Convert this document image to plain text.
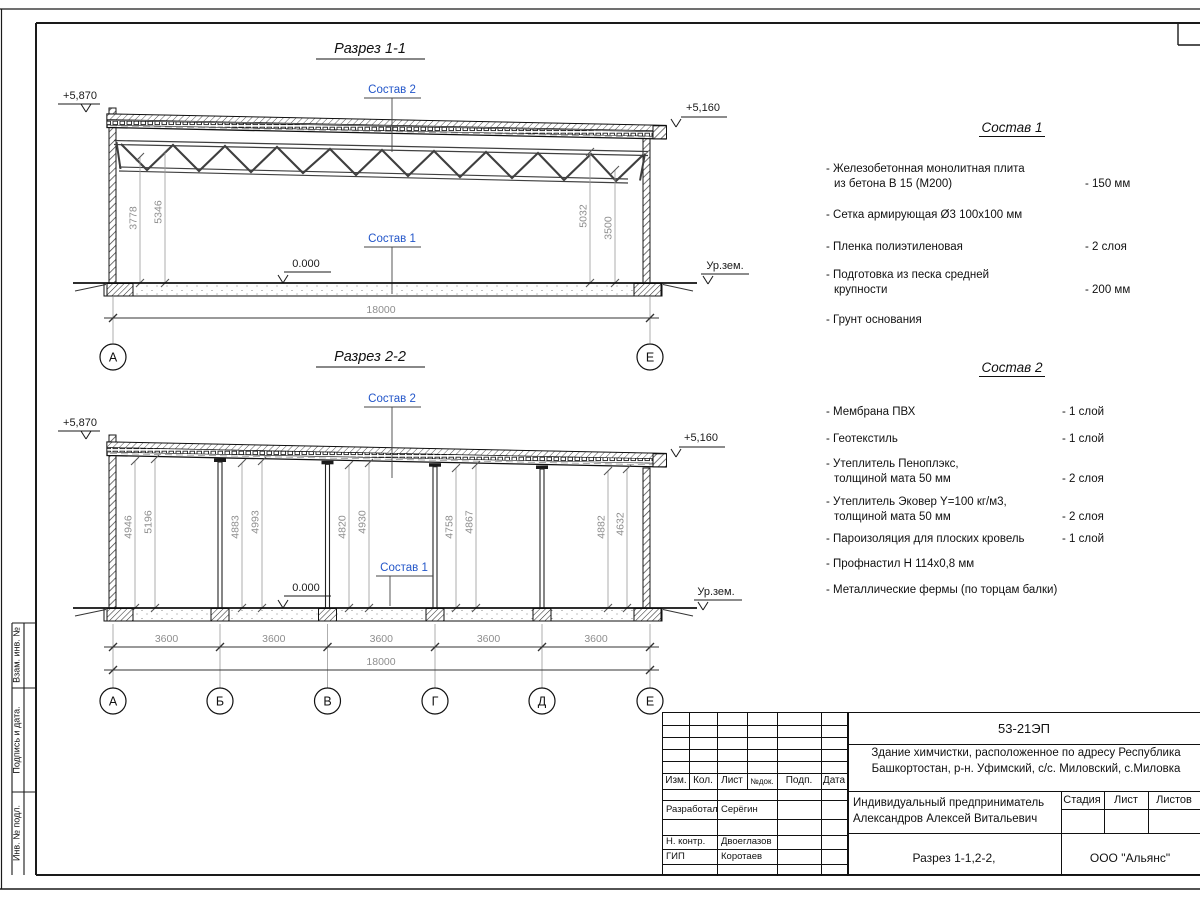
Взам. инв. №
Подпись и дата.
Инв. № подл.
Разрез 1-1
3778 5346	5032
3500
Состав 2
Состав 1
0.000	Ур.зем.
18000
А	Е
+5,870
+5,160
Разрез 2-2
4946 5196	4883 4993	4820 4930	4758 4867	4882 4632
Состав 2
Состав 1
0.000	Ур.зем.
3600	3600	3600	3600	3600
18000
А	Б	В	Г	Д	Е
+5,870
+5,160
Состав 1
- Железобетонная монолитная плита
из бетона В 15 (М200)	- 150 мм
- Сетка армирующая Ø3 100х100 мм
- Пленка полиэтиленовая	- 2 слоя
- Подготовка из песка средней
крупности	- 200 мм
- Грунт основания
Состав 2
- Мембрана ПВХ	- 1 слой
- Геотекстиль	- 1 слой
- Утеплитель Пеноплэкс,
толщиной мата 50 мм	- 2 слоя
- Утеплитель Эковер Y=100 кг/м3,
толщиной мата 50 мм	- 2 слоя
- Пароизоляция для плоских кровель	- 1 слой
- Профнастил Н 114х0,8 мм
- Металлические фермы (по торцам балки)
Изм. Кол. Лист №док. Подп. Дата
Разработал Серёгин
Н. контр. Двоеглазов
ГИП	Коротаев
53-21ЭП
Здание химчистки, расположенное по адресу Республика
Башкортостан, р-н. Уфимский, с/с. Миловский, с.Миловка
Индивидуальный предприниматель
Александров Алексей Витальевич
Стадия Лист Листов
Разрез 1-1,2-2,	ООО "Альянс"
